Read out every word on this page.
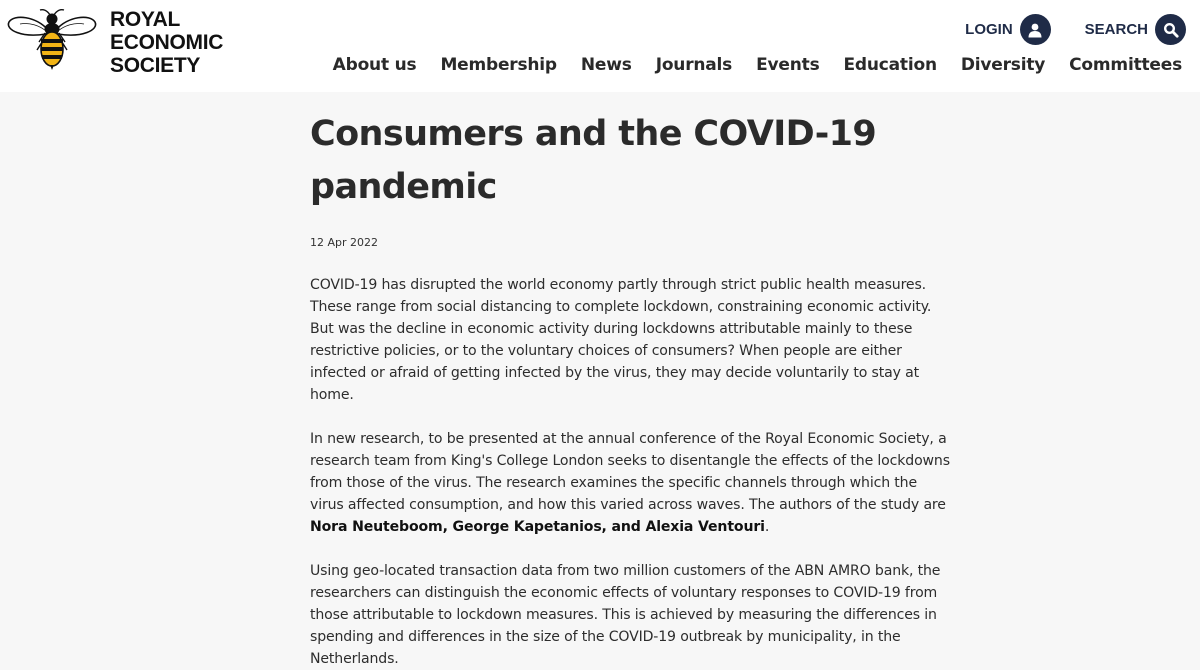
ROYAL
ECONOMIC
SOCIETY
LOGIN	SEARCH
About us Membership News Journals Events Education Diversity Committees
Consumers and the COVID-19 pandemic
12 Apr 2022

COVID-19 has disrupted the world economy partly through strict public health measures. These range from social distancing to complete lockdown, constraining economic activity. But was the decline in economic activity during lockdowns attributable mainly to these restrictive policies, or to the voluntary choices of consumers? When people are either infected or afraid of getting infected by the virus, they may decide voluntarily to stay at home.

In new research, to be presented at the annual conference of the Royal Economic Society, a research team from King's College London seeks to disentangle the effects of the lockdowns from those of the virus. The research examines the specific channels through which the virus affected consumption, and how this varied across waves. The authors of the study are Nora Neuteboom, George Kapetanios, and Alexia Ventouri.

Using geo-located transaction data from two million customers of the ABN AMRO bank, the researchers can distinguish the economic effects of voluntary responses to COVID-19 from those attributable to lockdown measures. This is achieved by measuring the differences in spending and differences in the size of the COVID-19 outbreak by municipality, in the Netherlands.
